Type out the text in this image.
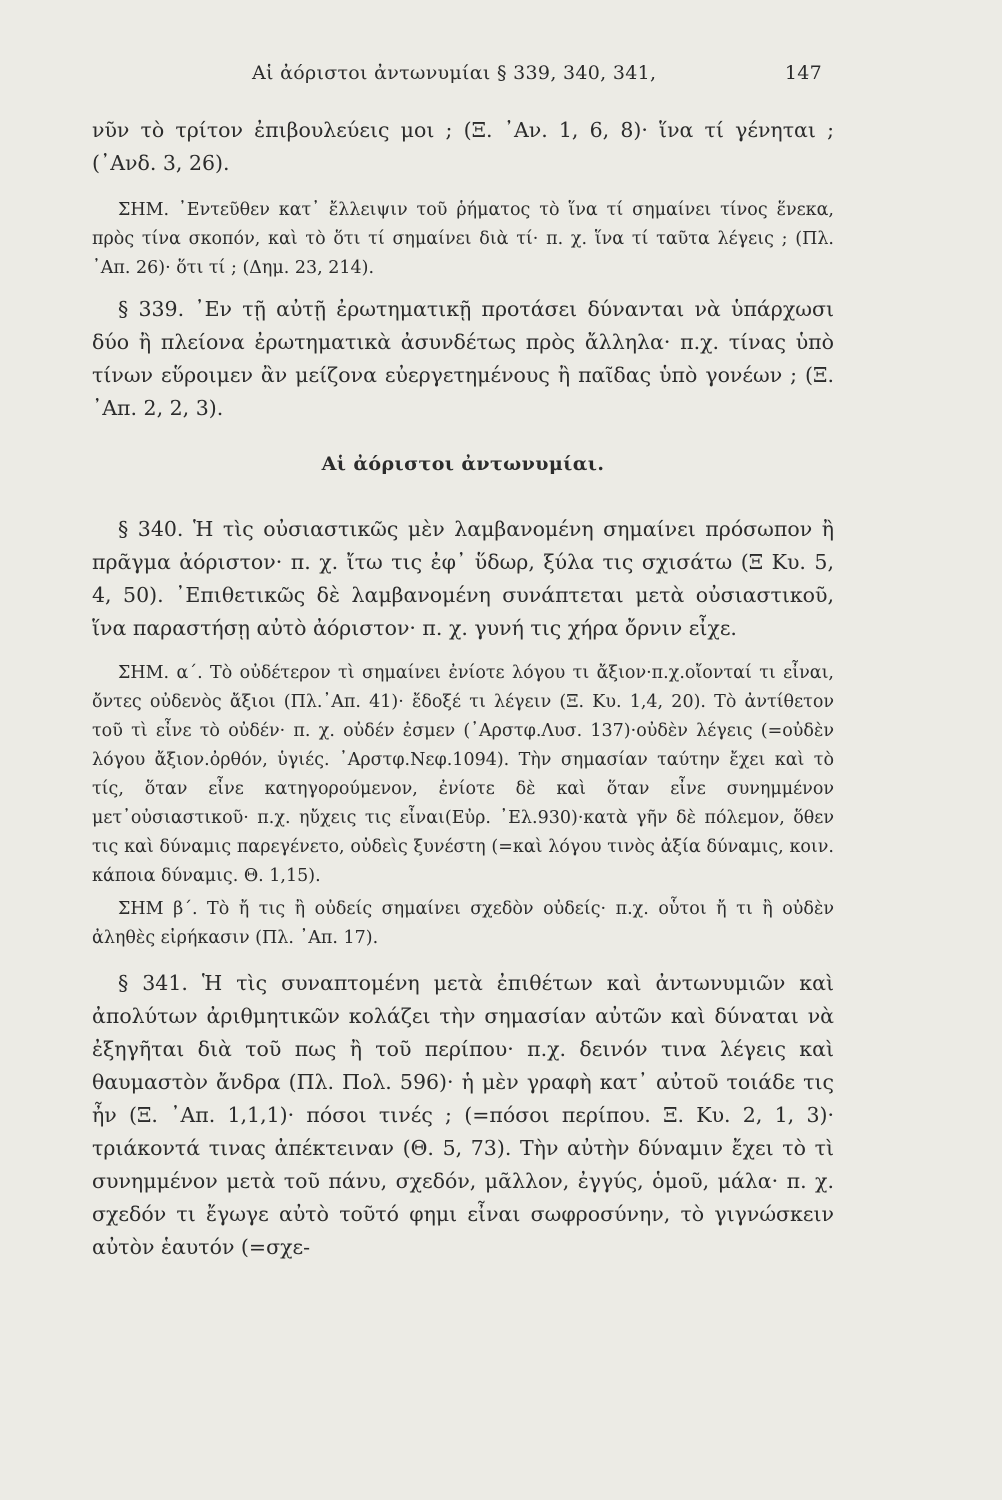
Αἱ ἀόριστοι ἀντωνυμίαι § 339, 340, 341,	147

νῦν τὸ τρίτον ἐπιβουλεύεις μοι ; (Ξ. ᾽Αν. 1, 6, 8)· ἵνα τί γένηται ; (᾽Ανδ. 3, 26).

ΣΗΜ. ᾽Εντεῦθεν κατ᾽ ἔλλειψιν τοῦ ῥήματος τὸ ἵνα τί σημαίνει τίνος ἕνεκα, πρὸς τίνα σκοπόν, καὶ τὸ ὅτι τί σημαίνει διὰ τί· π. χ. ἵνα τί ταῦτα λέγεις ; (Πλ. ᾽Απ. 26)· ὅτι τί ; (Δημ. 23, 214).

§ 339. ᾽Εν τῇ αὐτῇ ἐρωτηματικῇ προτάσει δύνανται νὰ ὑπάρχωσι δύο ἢ πλείονα ἐρωτηματικὰ ἀσυνδέτως πρὸς ἄλληλα· π.χ. τίνας ὑπὸ τίνων εὕροιμεν ἂν μείζονα εὐεργετημένους ἢ παῖδας ὑπὸ γονέων ; (Ξ. ᾽Απ. 2, 2, 3).

Αἱ ἀόριστοι ἀντωνυμίαι.

§ 340. Ἡ τὶς οὐσιαστικῶς μὲν λαμβανομένη σημαίνει πρόσωπον ἢ πρᾶγμα ἀόριστον· π. χ. ἴτω τις ἐφ᾽ ὕδωρ, ξύλα τις σχισάτω (Ξ Κυ. 5, 4, 50). ᾽Επιθετικῶς δὲ λαμβανομένη συνάπτεται μετὰ οὐσιαστικοῦ, ἵνα παραστήσῃ αὐτὸ ἀόριστον· π. χ. γυνή τις χήρα ὄρνιν εἶχε.

ΣΗΜ. α΄. Τὸ οὐδέτερον τὶ σημαίνει ἐνίοτε λόγου τι ἄξιον·π.χ.οἴονταί τι εἶναι, ὄντες οὐδενὸς ἄξιοι (Πλ.᾽Απ. 41)· ἔδοξέ τι λέγειν (Ξ. Κυ. 1,4, 20). Τὸ ἀντίθετον τοῦ τὶ εἶνε τὸ οὐδέν· π. χ. οὐδέν ἐσμεν (᾽Αρστφ.Λυσ. 137)·οὐδὲν λέγεις (=οὐδὲν λόγου ἄξιον.ὀρθόν, ὑγιές. ᾽Αρστφ.Νεφ.1094). Τὴν σημασίαν ταύτην ἔχει καὶ τὸ τίς, ὅταν εἶνε κατηγορούμενον, ἐνίοτε δὲ καὶ ὅταν εἶνε συνημμένον μετ᾽οὐσιαστικοῦ· π.χ. ηὔχεις τις εἶναι(Εὐρ. ᾽Ελ.930)·κατὰ γῆν δὲ πόλεμον, ὅθεν τις καὶ δύναμις παρεγένετο, οὐδεὶς ξυνέστη (=καὶ λόγου τινὸς ἀξία δύναμις, κοιν. κάποια δύναμις. Θ. 1,15).

ΣΗΜ β΄. Τὸ ἤ τις ἢ οὐδείς σημαίνει σχεδὸν οὐδείς· π.χ. οὗτοι ἤ τι ἢ οὐδὲν ἀληθὲς εἰρήκασιν (Πλ. ᾽Απ. 17).

§ 341. Ἡ τὶς συναπτομένη μετὰ ἐπιθέτων καὶ ἀντωνυμιῶν καὶ ἀπολύτων ἀριθμητικῶν κολάζει τὴν σημασίαν αὐτῶν καὶ δύναται νὰ ἐξηγῆται διὰ τοῦ πως ἢ τοῦ περίπου· π.χ. δεινόν τινα λέγεις καὶ θαυμαστὸν ἄνδρα (Πλ. Πολ. 596)· ἡ μὲν γραφὴ κατ᾽ αὐτοῦ τοιάδε τις ἦν (Ξ. ᾽Απ. 1,1,1)· πόσοι τινές ; (=πόσοι περίπου. Ξ. Κυ. 2, 1, 3)· τριάκοντά τινας ἀπέκτειναν (Θ. 5, 73). Τὴν αὐτὴν δύναμιν ἔχει τὸ τὶ συνημμένον μετὰ τοῦ πάνυ, σχεδόν, μᾶλλον, ἐγγύς, ὁμοῦ, μάλα· π. χ. σχεδόν τι ἔγωγε αὐτὸ τοῦτό φημι εἶναι σωφροσύνην, τὸ γιγνώσκειν αὐτὸν ἑαυτόν (=σχε-
